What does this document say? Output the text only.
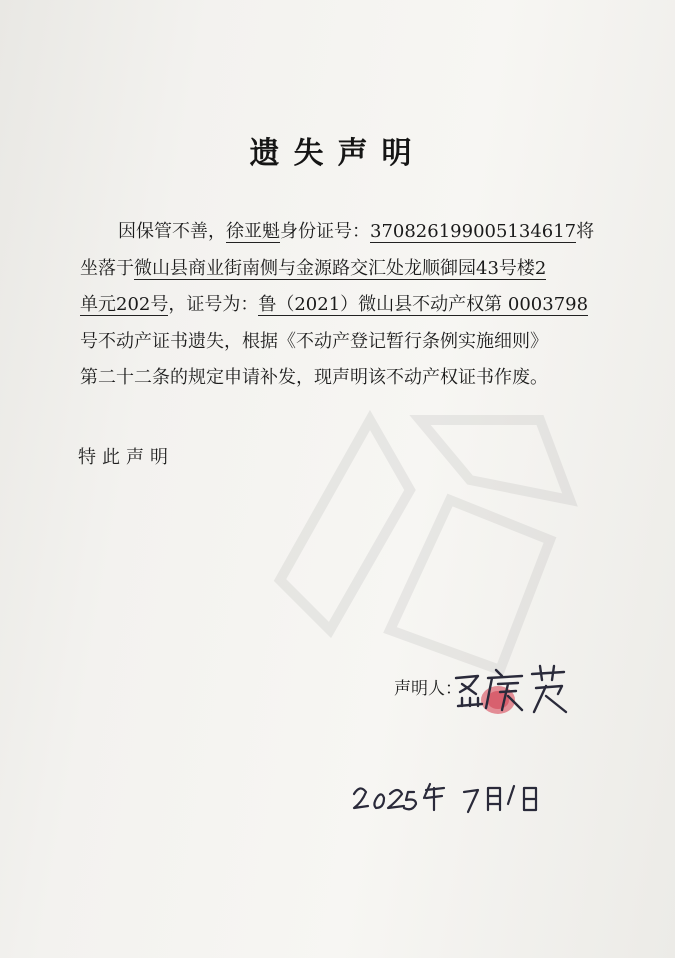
遗失声明
因保管不善，徐亚魁身份证号：370826199005134617将
坐落于微山县商业街南侧与金源路交汇处龙顺御园43号楼2
单元202号，证号为：鲁（2021）微山县不动产权第 0003798
号不动产证书遗失，根据《不动产登记暂行条例实施细则》
第二十二条的规定申请补发，现声明该不动产权证书作废。
特此声明
声明人：
